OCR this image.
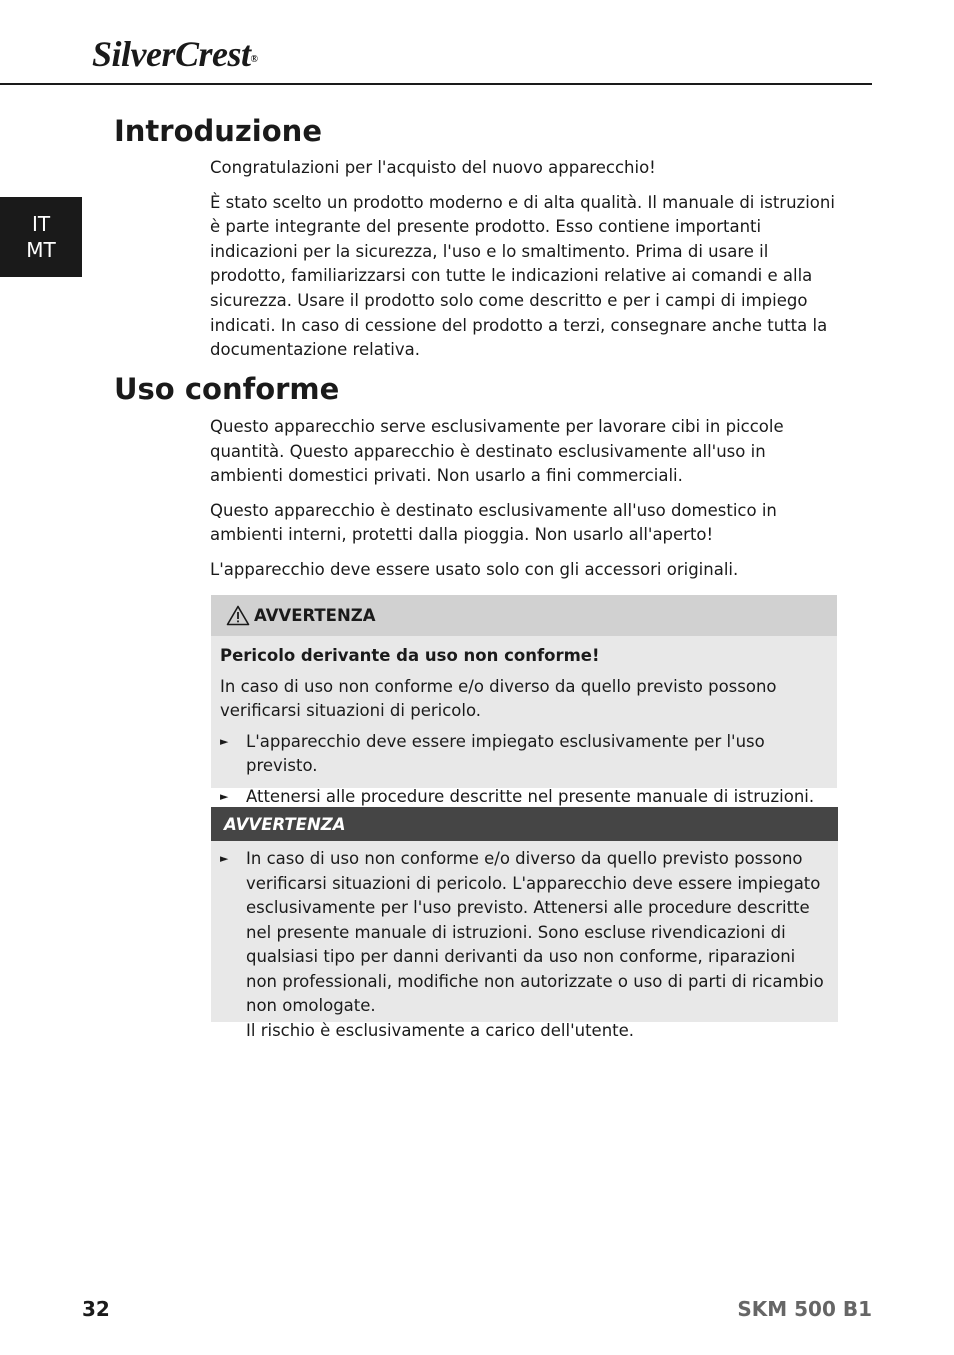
SilverCrest®
IT
MT
Introduzione

Congratulazioni per l'acquisto del nuovo apparecchio!

È stato scelto un prodotto moderno e di alta qualità. Il manuale di istruzioni è parte integrante del presente prodotto. Esso contiene importanti indicazioni per la sicurezza, l'uso e lo smaltimento. Prima di usare il prodotto, familiarizzarsi con tutte le indicazioni relative ai comandi e alla sicurezza. Usare il prodotto solo come descritto e per i campi di impiego indicati. In caso di cessione del prodotto a terzi, consegnare anche tutta la documentazione relativa.

Uso conforme

Questo apparecchio serve esclusivamente per lavorare cibi in piccole quantità. Questo apparecchio è destinato esclusivamente all'uso in ambienti domestici privati. Non usarlo a fini commerciali.

Questo apparecchio è destinato esclusivamente all'uso domestico in ambienti interni, protetti dalla pioggia. Non usarlo all'aperto!

L'apparecchio deve essere usato solo con gli accessori originali.

AVVERTENZA
Pericolo derivante da uso non conforme!
In caso di uso non conforme e/o diverso da quello previsto possono verificarsi situazioni di pericolo.
►	L'apparecchio deve essere impiegato esclusivamente per l'uso previsto.
►	Attenersi alle procedure descritte nel presente manuale di istruzioni.
AVVERTENZA
►	In caso di uso non conforme e/o diverso da quello previsto possono verificarsi situazioni di pericolo. L'apparecchio deve essere impiegato esclusivamente per l'uso previsto. Attenersi alle procedure descritte nel presente manuale di istruzioni. Sono escluse rivendicazioni di qualsiasi tipo per danni derivanti da uso non conforme, riparazioni non professionali, modifiche non autorizzate o uso di parti di ricambio non omologate.
Il rischio è esclusivamente a carico dell'utente.
32	SKM 500 B1
